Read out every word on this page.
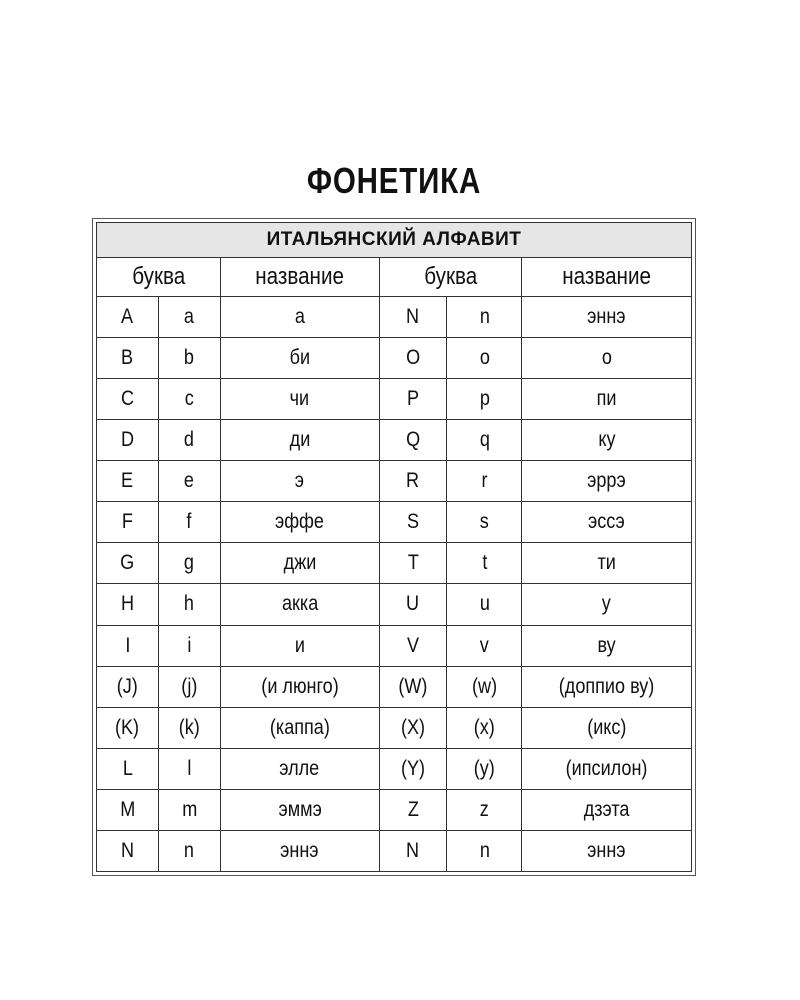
ФОНЕТИКА
ИТАЛЬЯНСКИЙ АЛФАВИТ					
буква		название	буква		название
A	a	а	N	n	эннэ
B	b	би	O	o	о
C	c	чи	P	p	пи
D	d	ди	Q	q	ку
E	e	э	R	r	эррэ
F	f	эффе	S	s	эссэ
G	g	джи	T	t	ти
H	h	акка	U	u	у
I	i	и	V	v	ву
(J)	(j)	(и люнго)	(W)	(w)	(доппио ву)
(K)	(k)	(каппа)	(X)	(x)	(икс)
L	l	элле	(Y)	(y)	(ипсилон)
M	m	эммэ	Z	z	дзэта
N	n	эннэ	N	n	эннэ
